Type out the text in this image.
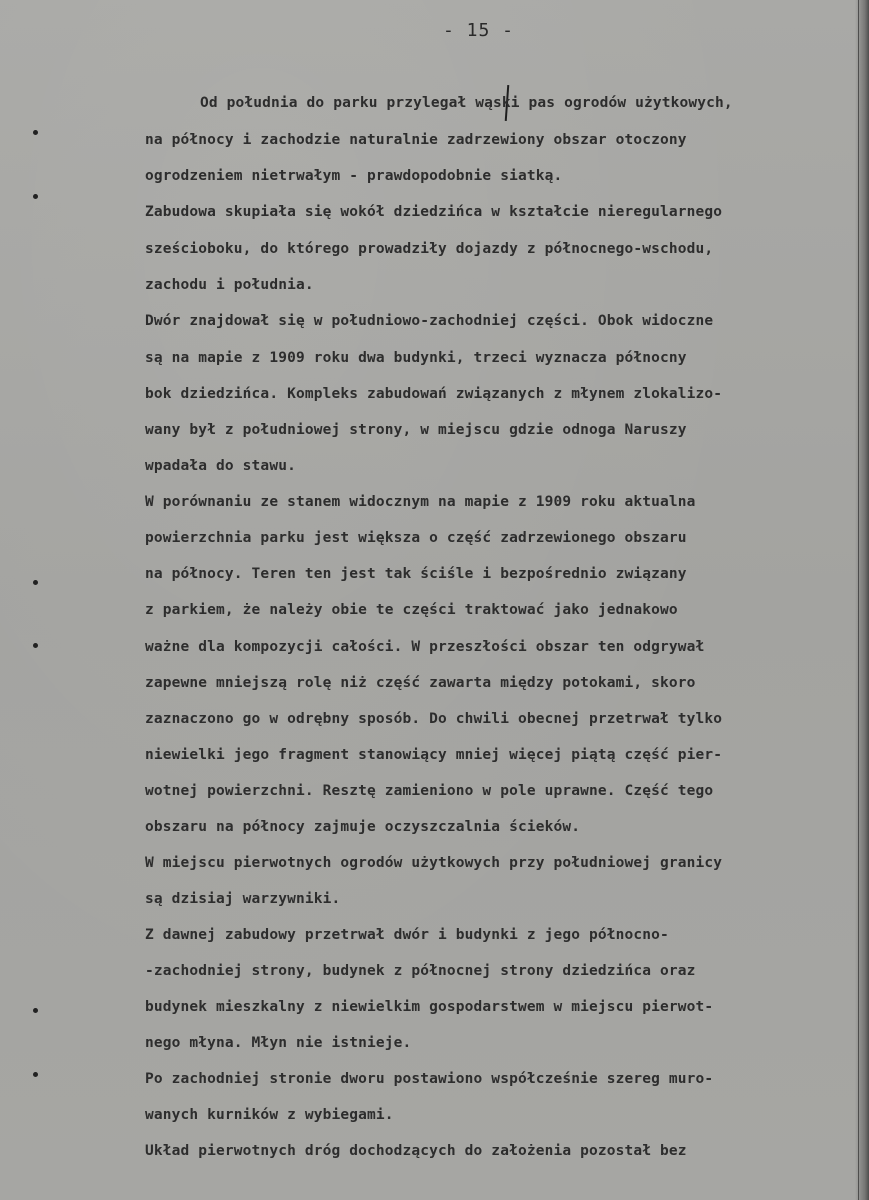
- 15 -
Od południa do parku przylegał wąski pas ogrodów użytkowych,
na północy i zachodzie naturalnie zadrzewiony obszar otoczony
ogrodzeniem nietrwałym - prawdopodobnie siatką.
Zabudowa skupiała się wokół dziedzińca w kształcie nieregularnego
sześcioboku, do którego prowadziły dojazdy z północnego-wschodu,
zachodu i południa.
Dwór znajdował się w południowo-zachodniej części. Obok widoczne
są na mapie z 1909 roku dwa budynki, trzeci wyznacza północny
bok dziedzińca. Kompleks zabudowań związanych z młynem zlokalizo-
wany był z południowej strony, w miejscu gdzie odnoga Naruszy
wpadała do stawu.
W porównaniu ze stanem widocznym na mapie z 1909 roku aktualna
powierzchnia parku jest większa o część zadrzewionego obszaru
na północy. Teren ten jest tak ściśle i bezpośrednio związany
z parkiem, że należy obie te części traktować jako jednakowo
ważne dla kompozycji całości. W przeszłości obszar ten odgrywał
zapewne mniejszą rolę niż część zawarta między potokami, skoro
zaznaczono go w odrębny sposób. Do chwili obecnej przetrwał tylko
niewielki jego fragment stanowiący mniej więcej piątą część pier-
wotnej powierzchni. Resztę zamieniono w pole uprawne. Część tego
obszaru na północy zajmuje oczyszczalnia ścieków.
W miejscu pierwotnych ogrodów użytkowych przy południowej granicy
są dzisiaj warzywniki.
Z dawnej zabudowy przetrwał dwór i budynki z jego północno-
-zachodniej strony, budynek z północnej strony dziedzińca oraz
budynek mieszkalny z niewielkim gospodarstwem w miejscu pierwot-
nego młyna. Młyn nie istnieje.
Po zachodniej stronie dworu postawiono współcześnie szereg muro-
wanych kurników z wybiegami.
Układ pierwotnych dróg dochodzących do założenia pozostał bez
